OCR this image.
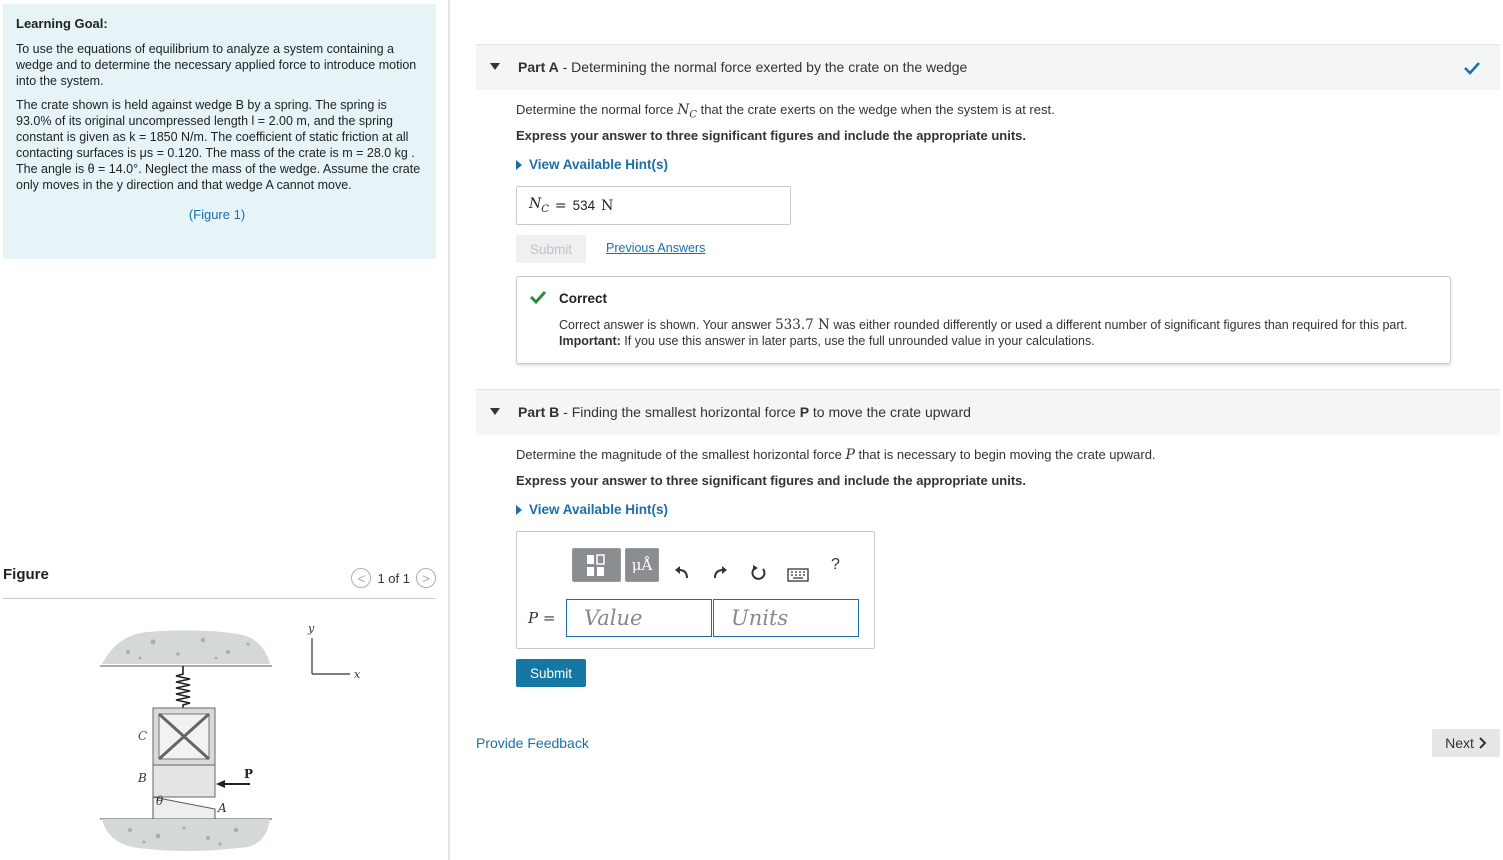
Learning Goal:

To use the equations of equilibrium to analyze a system containing a wedge and to determine the necessary applied force to introduce motion into the system.

The crate shown is held against wedge B by a spring. The spring is 93.0% of its original uncompressed length l = 2.00 m, and the spring constant is given as k = 1850 N/m. The coefficient of static friction at all contacting surfaces is μs = 0.120. The mass of the crate is m = 28.0 kg . The angle is θ = 14.0°. Neglect the mass of the wedge. Assume the crate only moves in the y direction and that wedge A cannot move.

(Figure 1)
Figure	< 1 of 1 >
y
x
C
B	P
A
θ
Part A - Determining the normal force exerted by the crate on the wedge
Determine the normal force $N_C$ that the crate exerts on the wedge when the system is at rest.
Express your answer to three significant figures and include the appropriate units.
View Available Hint(s)
$N_C = 534$ N
Submit	Previous Answers
Correct
Correct answer is shown. Your answer 533.7 N was either rounded differently or used a different number of significant figures than required for this part.
Important: If you use this answer in later parts, use the full unrounded value in your calculations.
Part B - Finding the smallest horizontal force P to move the crate upward
Determine the magnitude of the smallest horizontal force P that is necessary to begin moving the crate upward.
Express your answer to three significant figures and include the appropriate units.
View Available Hint(s)
μÅ	?
P =	Value	Units
Submit
Provide Feedback	Next
